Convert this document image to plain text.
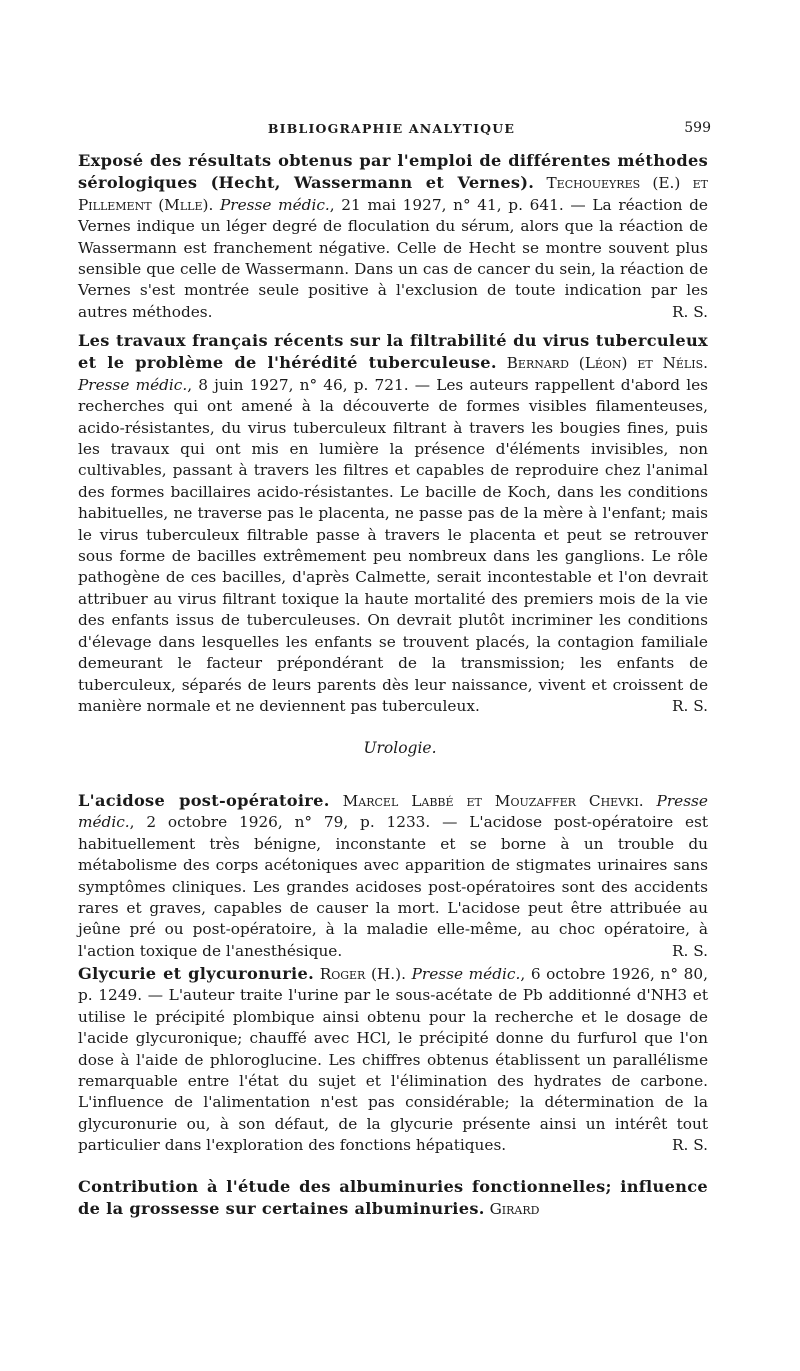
BIBLIOGRAPHIE ANALYTIQUE	599

Exposé des résultats obtenus par l'emploi de différentes méthodes sérologiques (Hecht, Wassermann et Vernes). Techoueyres (E.) et Pillement (Mlle). Presse médic., 21 mai 1927, n° 41, p. 641. — La réaction de Vernes indique un léger degré de floculation du sérum, alors que la réaction de Wassermann est franchement négative. Celle de Hecht se montre souvent plus sensible que celle de Wassermann. Dans un cas de cancer du sein, la réaction de Vernes s'est montrée seule positive à l'exclusion de toute indication par les autres méthodes.	R. S.

Les travaux français récents sur la filtrabilité du virus tuberculeux et le problème de l'hérédité tuberculeuse. Bernard (Léon) et Nélis. Presse médic., 8 juin 1927, n° 46, p. 721. — Les auteurs rappellent d'abord les recherches qui ont amené à la découverte de formes visibles filamenteuses, acido-résistantes, du virus tuberculeux filtrant à travers les bougies fines, puis les travaux qui ont mis en lumière la présence d'éléments invisibles, non cultivables, passant à travers les filtres et capables de reproduire chez l'animal des formes bacillaires acido-résistantes. Le bacille de Koch, dans les conditions habituelles, ne traverse pas le placenta, ne passe pas de la mère à l'enfant; mais le virus tuberculeux filtrable passe à travers le placenta et peut se retrouver sous forme de bacilles extrêmement peu nombreux dans les ganglions. Le rôle pathogène de ces bacilles, d'après Calmette, serait incontestable et l'on devrait attribuer au virus filtrant toxique la haute mortalité des premiers mois de la vie des enfants issus de tuberculeuses. On devrait plutôt incriminer les conditions d'élevage dans lesquelles les enfants se trouvent placés, la contagion familiale demeurant le facteur prépondérant de la transmission; les enfants de tuberculeux, séparés de leurs parents dès leur naissance, vivent et croissent de manière normale et ne deviennent pas tuberculeux.	R. S.

Urologie.

L'acidose post-opératoire. Marcel Labbé et Mouzaffer Chevki. Presse médic., 2 octobre 1926, n° 79, p. 1233. — L'acidose post-opératoire est habituellement très bénigne, inconstante et se borne à un trouble du métabolisme des corps acétoniques avec apparition de stigmates urinaires sans symptômes cliniques. Les grandes acidoses post-opératoires sont des accidents rares et graves, capables de causer la mort. L'acidose peut être attribuée au jeûne pré ou post-opératoire, à la maladie elle-même, au choc opératoire, à l'action toxique de l'anesthésique.	R. S.

Glycurie et glycuronurie. Roger (H.). Presse médic., 6 octobre 1926, n° 80, p. 1249. — L'auteur traite l'urine par le sous-acétate de Pb additionné d'NH3 et utilise le précipité plombique ainsi obtenu pour la recherche et le dosage de l'acide glycuronique; chauffé avec HCl, le précipité donne du furfurol que l'on dose à l'aide de phloroglucine. Les chiffres obtenus établissent un parallélisme remarquable entre l'état du sujet et l'élimination des hydrates de carbone. L'influence de l'alimentation n'est pas considérable; la détermination de la glycuronurie ou, à son défaut, de la glycurie présente ainsi un intérêt tout particulier dans l'exploration des fonctions hépatiques.	R. S.

Contribution à l'étude des albuminuries fonctionnelles; influence de la grossesse sur certaines albuminuries. Girard
